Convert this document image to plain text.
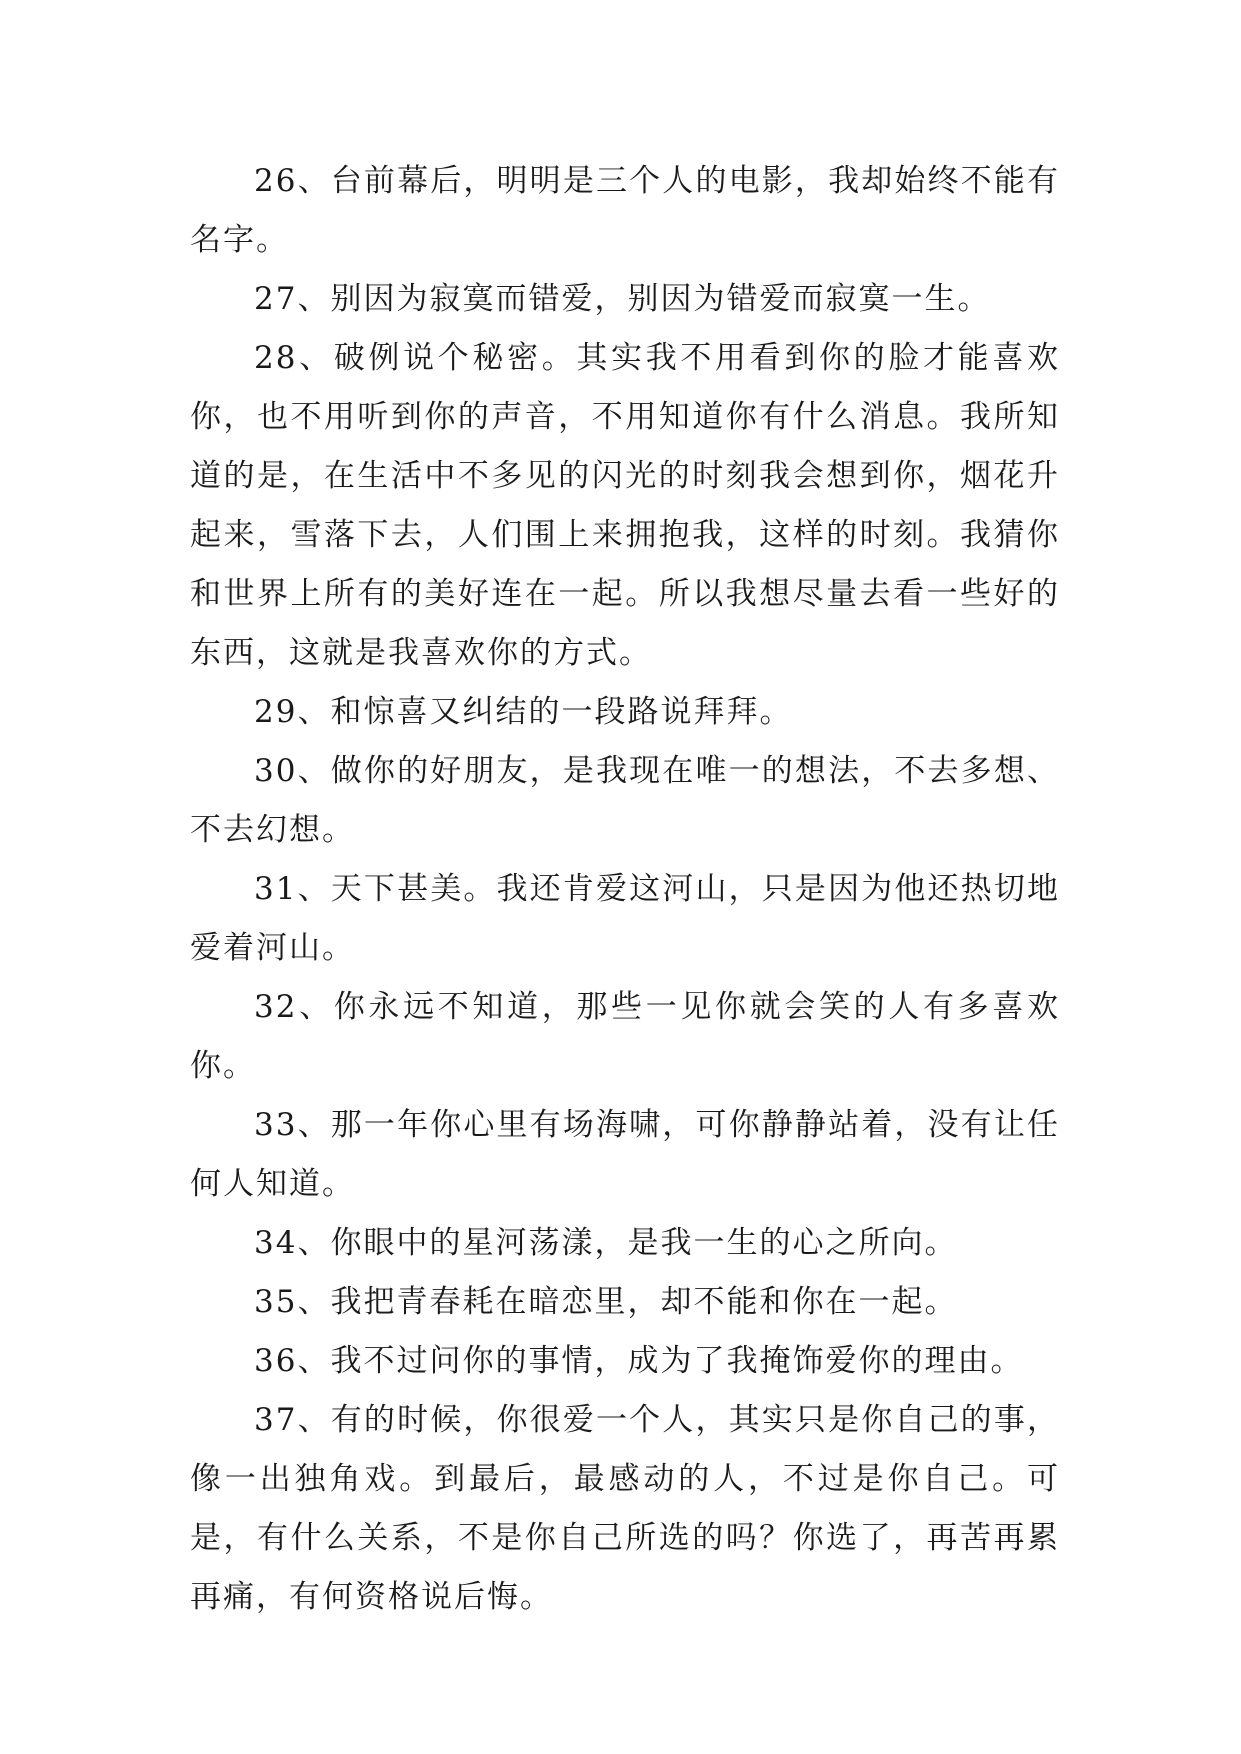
26、台前幕后，明明是三个人的电影，我却始终不能有名字。

27、别因为寂寞而错爱，别因为错爱而寂寞一生。

28、破例说个秘密。其实我不用看到你的脸才能喜欢你，也不用听到你的声音，不用知道你有什么消息。我所知道的是，在生活中不多见的闪光的时刻我会想到你，烟花升起来，雪落下去，人们围上来拥抱我，这样的时刻。我猜你和世界上所有的美好连在一起。所以我想尽量去看一些好的东西，这就是我喜欢你的方式。

29、和惊喜又纠结的一段路说拜拜。

30、做你的好朋友，是我现在唯一的想法，不去多想、不去幻想。

31、天下甚美。我还肯爱这河山，只是因为他还热切地爱着河山。

32、你永远不知道，那些一见你就会笑的人有多喜欢你。

33、那一年你心里有场海啸，可你静静站着，没有让任何人知道。

34、你眼中的星河荡漾，是我一生的心之所向。

35、我把青春耗在暗恋里，却不能和你在一起。

36、我不过问你的事情，成为了我掩饰爱你的理由。

37、有的时候，你很爱一个人，其实只是你自己的事，像一出独角戏。到最后，最感动的人，不过是你自己。可是，有什么关系，不是你自己所选的吗？你选了，再苦再累再痛，有何资格说后悔。
